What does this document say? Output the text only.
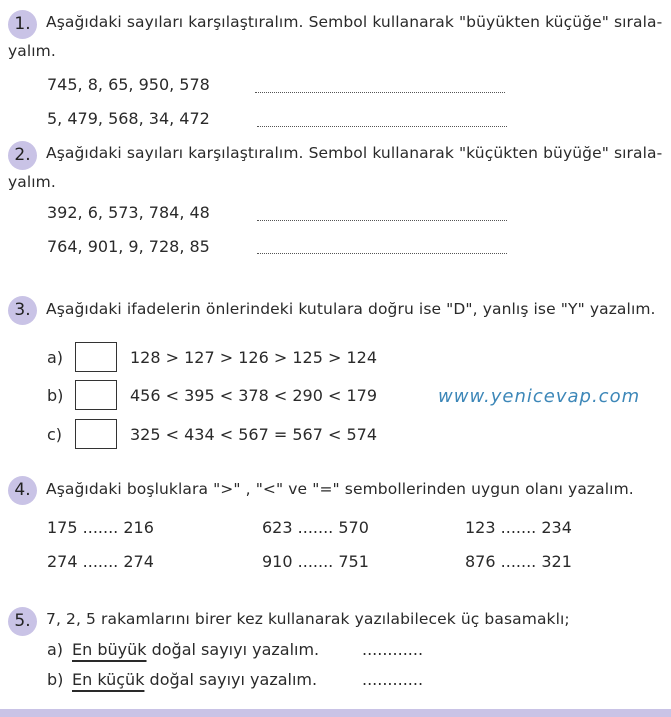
1. Aşağıdaki sayıları karşılaştıralım. Sembol kullanarak "büyükten küçüğe" sırala-
yalım.
745, 8, 65, 950, 578
5, 479, 568, 34, 472
2. Aşağıdaki sayıları karşılaştıralım. Sembol kullanarak "küçükten büyüğe" sırala-
yalım.
392, 6, 573, 784, 48
764, 901, 9, 728, 85
3. Aşağıdaki ifadelerin önlerindeki kutulara doğru ise "D", yanlış ise "Y" yazalım.
a)	128 > 127 > 126 > 125 > 124
b)	456 < 395 < 378 < 290 < 179
c)	325 < 434 < 567 = 567 < 574
www.yenicevap.com
4. Aşağıdaki boşluklara ">" , "<" ve "=" sembollerinden uygun olanı yazalım.
175 ....... 216	623 ....... 570	123 ....... 234
274 ....... 274	910 ....... 751	876 ....... 321
5. 7, 2, 5 rakamlarını birer kez kullanarak yazılabilecek üç basamaklı;
a) En büyük doğal sayıyı yazalım.	............
b) En küçük doğal sayıyı yazalım.	............
